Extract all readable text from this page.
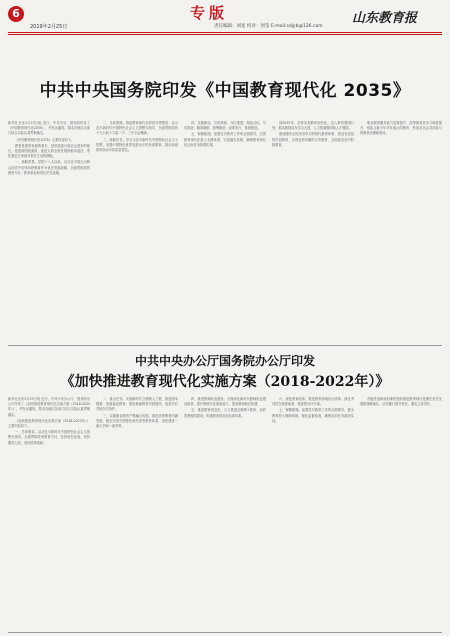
6
2019年2月25日
专版
责任编辑：刘星 校对：何莹 E-mail:sdjyb@126.com
山东教育报
中共中央国务院印发《中国教育现代化 2035》

新华社北京2月23日电 近日，中共中央、国务院印发了《中国教育现代化2035》，并发出通知，要求各地区各部门结合实际认真贯彻落实。

《中国教育现代化2035》主要内容如下。

教育是国家发展的基石，是民族振兴和社会进步的基石，是提高国民素质、促进人的全面发展的根本途径，寄托着亿万家庭对美好生活的期盼。

一、战略背景。党的十八大以来，以习近平同志为核心的党中央坚持把教育作为优先发展战略，全面贯彻党的教育方针，教育事业取得历史性成就。

二、总体思路。推进教育现代化的指导思想是：以习近平新时代中国特色社会主义思想为指导，全面贯彻党的十九大和十九届二中、三中全会精神。

三、战略任务。学习习近平新时代中国特色社会主义思想，发展中国特色世界先进水平的优质教育，推动各级教育高水平高质量普及。

四、实施路径。总体规划，分区推进；细化目标，分步推进；精准施策，统筹推进；改革先行，系统推进。

五、保障措施。加强党对教育工作的全面领导，完善教育现代化投入支撑体系，完善落实机制，确保教育现代化目标任务如期实现。

到2035年，总体实现教育现代化，迈入教育强国行列，推动我国成为学习大国、人力资源强国和人才强国。

建成服务全民终身学习的现代教育体系、普及有质量的学前教育、实现优质均衡的义务教育、全面普及高中阶段教育。

职业教育服务能力显著提升、高等教育竞争力明显提升、残疾儿童少年享有适合的教育、形成全社会共同参与的教育治理新格局。

中共中央办公厅国务院办公厅印发
《加快推进教育现代化实施方案（2018-2022年）》

新华社北京2月23日电 近日，中共中央办公厅、国务院办公厅印发了《加快推进教育现代化实施方案（2018-2022年）》，并发出通知，要求各地区各部门结合实际认真贯彻落实。

《加快推进教育现代化实施方案（2018-2022年）》主要内容如下。

一、总体要求。以习近平新时代中国特色社会主义思想为指导，全面贯彻党的教育方针，坚持优先发展，坚持服务人民，坚持改革创新。

二、重点任务。实施新时代立德树人工程，推进固本强基、发展素质教育；推进基础教育巩固提高，改善乡村学校办学条件。

三、实施职业教育产教融合发展，推进高等教育内涵发展，健全完善中国特色现代高等教育体系，加快建设一流大学和一流学科。

四、推进教师队伍建设，全面深化新时代教师队伍建设改革，提升教师专业素质能力，提高教师地位待遇。

五、推进教育信息化，大力推进互联网+教育，加快智慧校园建设，构建教育信息化标准体系。

六、深化教育改革，推进教育领域综合改革，深化考试招生制度改革，推进管办评分离。

七、保障措施。加强党对教育工作的全面领导，健全教育投入保障机制，强化监督检查，确保各项任务落到实处。

各级党委和政府要把加快推进教育现代化摆在优先发展的战略地位，切实履行领导责任，落实主体责任。
